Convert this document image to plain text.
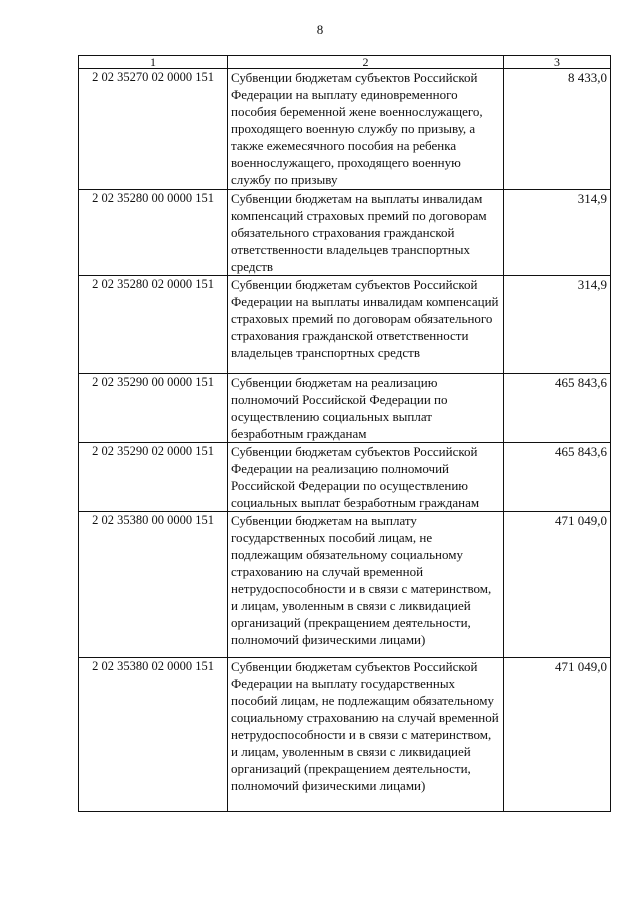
8
1	2	3
2 02 35270 02 0000 151	Субвенции бюджетам субъектов Российской Федерации на выплату единовременного пособия беременной жене военнослужащего, проходящего военную службу по призыву, а также ежемесячного пособия на ребенка военнослужащего, проходящего военную службу по призыву	8 433,0
2 02 35280 00 0000 151	Субвенции бюджетам на выплаты инвалидам компенсаций страховых премий по договорам обязательного страхования гражданской ответственности владельцев транспортных средств	314,9
2 02 35280 02 0000 151	Субвенции бюджетам субъектов Российской Федерации на выплаты инвалидам компенсаций страховых премий по договорам обязательного страхования гражданской ответственности владельцев транспортных средств	314,9
2 02 35290 00 0000 151	Субвенции бюджетам на реализацию полномочий Российской Федерации по осуществлению социальных выплат безработным гражданам	465 843,6
2 02 35290 02 0000 151	Субвенции бюджетам субъектов Российской Федерации на реализацию полномочий Российской Федерации по осуществлению социальных выплат безработным гражданам	465 843,6
2 02 35380 00 0000 151	Субвенции бюджетам на выплату государственных пособий лицам, не подлежащим обязательному социальному страхованию на случай временной нетрудоспособности и в связи с материнством, и лицам, уволенным в связи с ликвидацией организаций (прекращением деятельности, полномочий физическими лицами)	471 049,0
2 02 35380 02 0000 151	Субвенции бюджетам субъектов Российской Федерации на выплату государственных пособий лицам, не подлежащим обязательному социальному страхованию на случай временной нетрудоспособности и в связи с материнством, и лицам, уволенным в связи с ликвидацией организаций (прекращением деятельности, полномочий физическими лицами)	471 049,0
